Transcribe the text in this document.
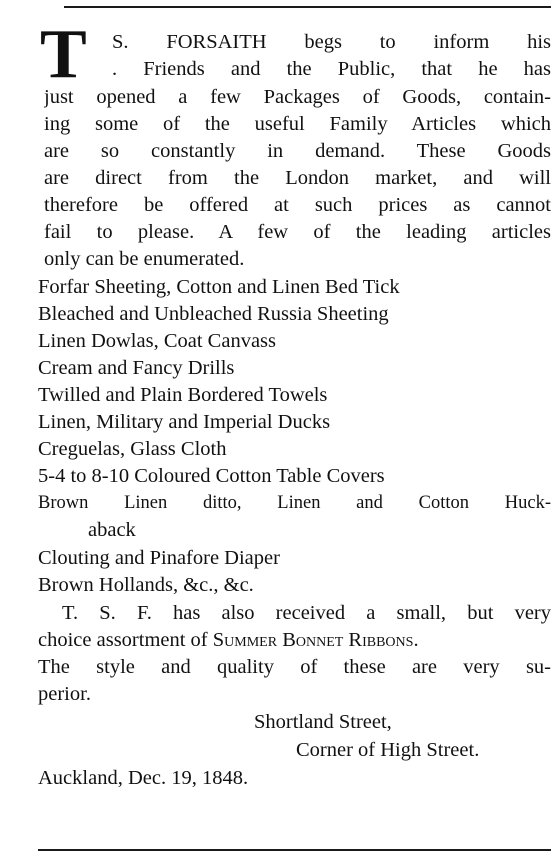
T S. FORSAITH begs to inform his
. Friends and the Public, that he has
just opened a few Packages of Goods, contain-
ing some of the useful Family Articles which
are so constantly in demand. These Goods
are direct from the London market, and will
therefore be offered at such prices as cannot
fail to please. A few of the leading articles
only can be enumerated.
Forfar Sheeting, Cotton and Linen Bed Tick
Bleached and Unbleached Russia Sheeting
Linen Dowlas, Coat Canvass
Cream and Fancy Drills
Twilled and Plain Bordered Towels
Linen, Military and Imperial Ducks
Creguelas, Glass Cloth
5-4 to 8-10 Coloured Cotton Table Covers
Brown Linen ditto, Linen and Cotton Huck-
aback
Clouting and Pinafore Diaper
Brown Hollands, &c., &c.
T. S. F. has also received a small, but very
choice assortment of Summer Bonnet Ribbons.
The style and quality of these are very su-
perior.
Shortland Street,
Corner of High Street.
Auckland, Dec. 19, 1848.
